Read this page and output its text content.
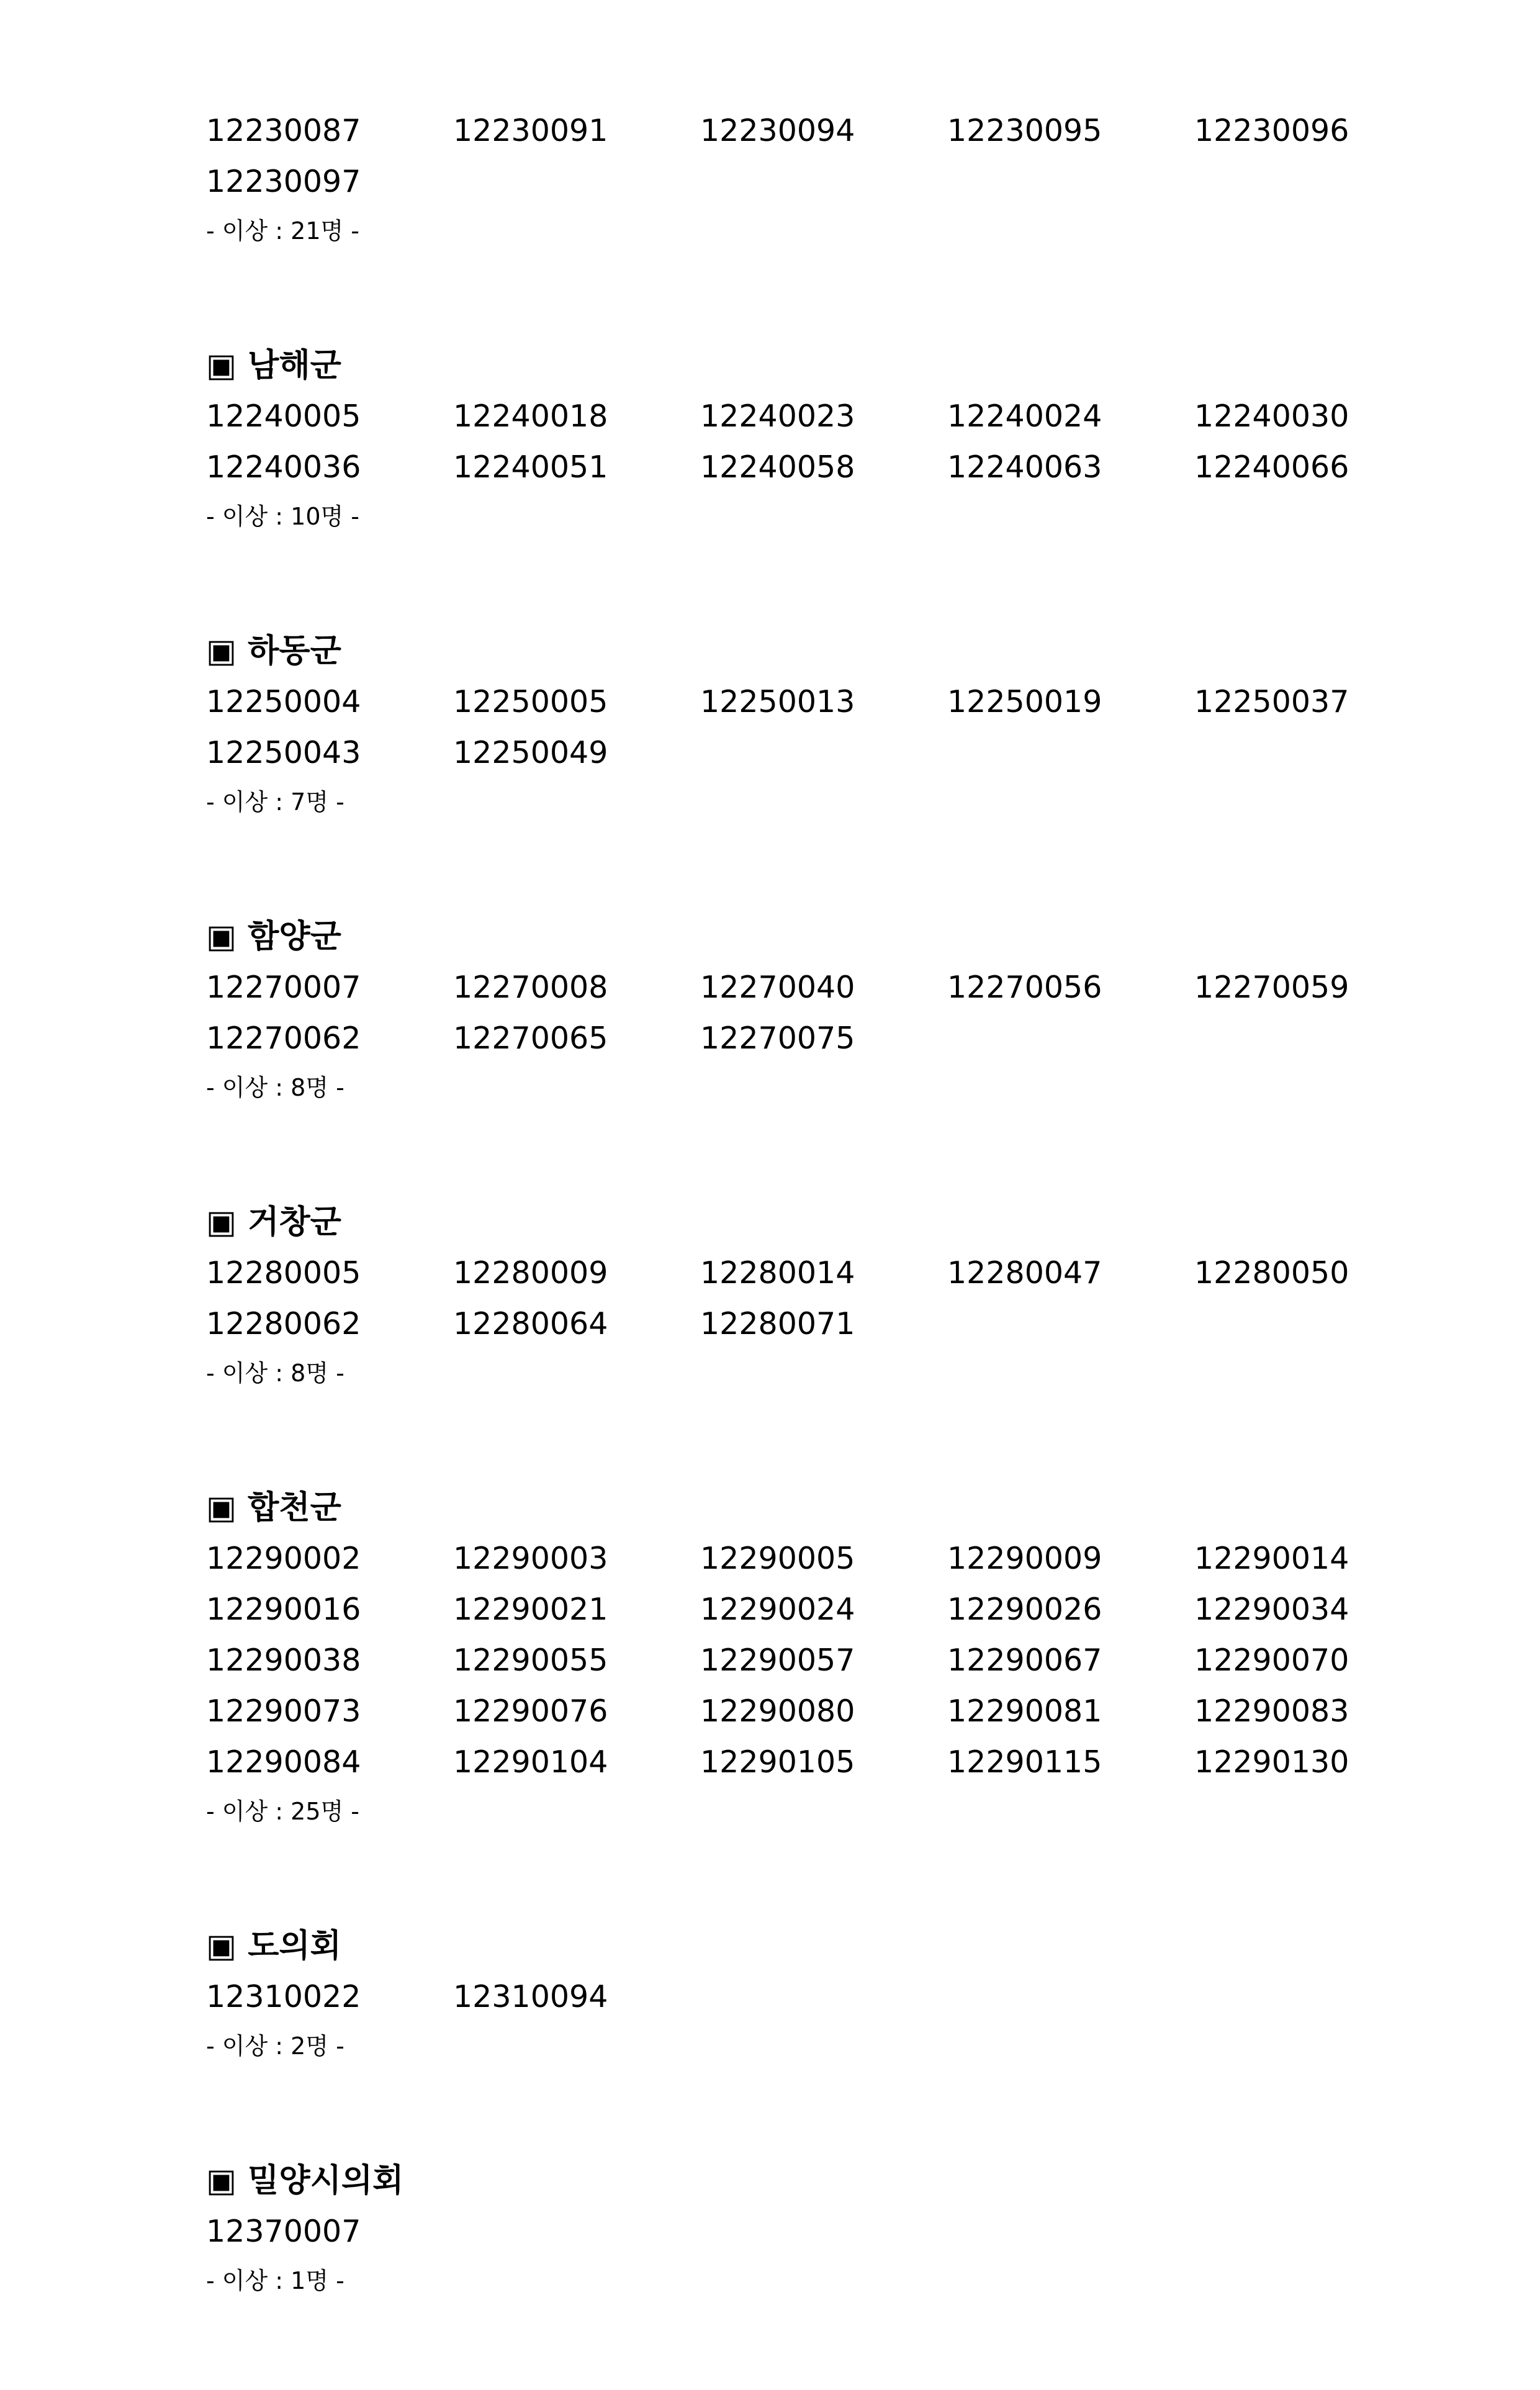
12230087	12230091	12230094	12230095	12230096
12230097
- 이상 : 21명 -
▣ 남해군
12240005	12240018	12240023	12240024	12240030
12240036	12240051	12240058	12240063	12240066
- 이상 : 10명 -
▣ 하동군
12250004	12250005	12250013	12250019	12250037
12250043	12250049
- 이상 : 7명 -
▣ 함양군
12270007	12270008	12270040	12270056	12270059
12270062	12270065	12270075
- 이상 : 8명 -
▣ 거창군
12280005	12280009	12280014	12280047	12280050
12280062	12280064	12280071
- 이상 : 8명 -
▣ 합천군
12290002	12290003	12290005	12290009	12290014
12290016	12290021	12290024	12290026	12290034
12290038	12290055	12290057	12290067	12290070
12290073	12290076	12290080	12290081	12290083
12290084	12290104	12290105	12290115	12290130
- 이상 : 25명 -
▣ 도의회
12310022	12310094
- 이상 : 2명 -
▣ 밀양시의회
12370007
- 이상 : 1명 -
